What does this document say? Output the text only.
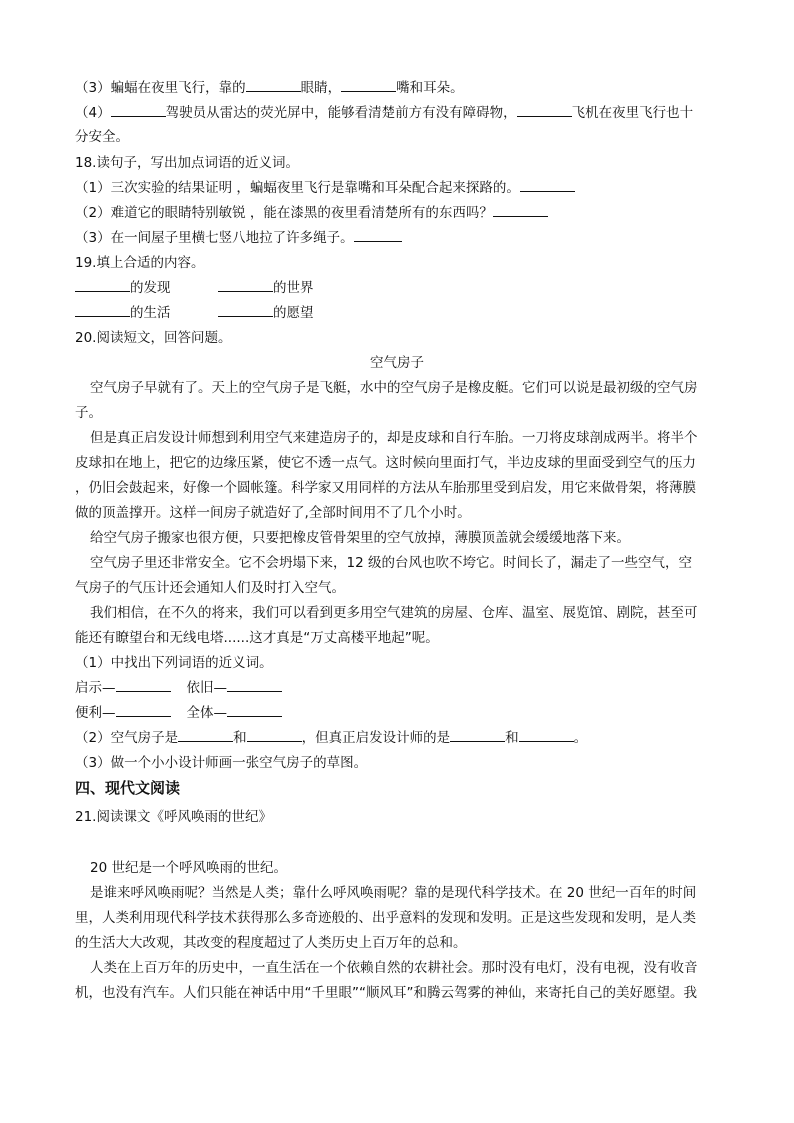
（3）蝙蝠在夜里飞行，靠的	眼睛，	嘴和耳朵。
（4）	驾驶员从雷达的荧光屏中，能够看清楚前方有没有障碍物，	飞机在夜里飞行也十
分安全。
18.读句子，写出加点词语的近义词。
（1）三次实验的结果证明 ，蝙蝠夜里飞行是靠嘴和耳朵配合起来探路的。
（2）难道它的眼睛特别敏锐 ，能在漆黑的夜里看清楚所有的东西吗？
（3）在一间屋子里横七竖八地拉了许多绳子。
19.填上合适的内容。
的发现	的世界
的生活	的愿望
20.阅读短文，回答问题。
空气房子
空气房子早就有了。天上的空气房子是飞艇，水中的空气房子是橡皮艇。它们可以说是最初级的空气房
子。
但是真正启发设计师想到利用空气来建造房子的，却是皮球和自行车胎。一刀将皮球剖成两半。将半个
皮球扣在地上，把它的边缘压紧，使它不透一点气。这时候向里面打气，半边皮球的里面受到空气的压力
，仍旧会鼓起来，好像一个圆帐篷。科学家又用同样的方法从车胎那里受到启发，用它来做骨架，将薄膜
做的顶盖撑开。这样一间房子就造好了,全部时间用不了几个小时。
给空气房子搬家也很方便，只要把橡皮管骨架里的空气放掉，薄膜顶盖就会缓缓地落下来。
空气房子里还非常安全。它不会坍塌下来，12 级的台风也吹不垮它。时间长了，漏走了一些空气，空
气房子的气压计还会通知人们及时打入空气。
我们相信，在不久的将来，我们可以看到更多用空气建筑的房屋、仓库、温室、展览馆、剧院，甚至可
能还有瞭望台和无线电塔......这才真是“万丈高楼平地起”呢。
（1）中找出下列词语的近义词。
启示—	依旧—
便利—	全体—
（2）空气房子是	和	，但真正启发设计师的是	和	。
（3）做一个小小设计师画一张空气房子的草图。
四、现代文阅读
21.阅读课文《呼风唤雨的世纪》
20 世纪是一个呼风唤雨的世纪。
是谁来呼风唤雨呢？当然是人类；靠什么呼风唤雨呢？靠的是现代科学技术。在 20 世纪一百年的时间
里，人类利用现代科学技术获得那么多奇迹般的、出乎意料的发现和发明。正是这些发现和发明，是人类
的生活大大改观，其改变的程度超过了人类历史上百万年的总和。
人类在上百万年的历史中，一直生活在一个依赖自然的农耕社会。那时没有电灯，没有电视，没有收音
机，也没有汽车。人们只能在神话中用“千里眼”“顺风耳”和腾云驾雾的神仙，来寄托自己的美好愿望。我
